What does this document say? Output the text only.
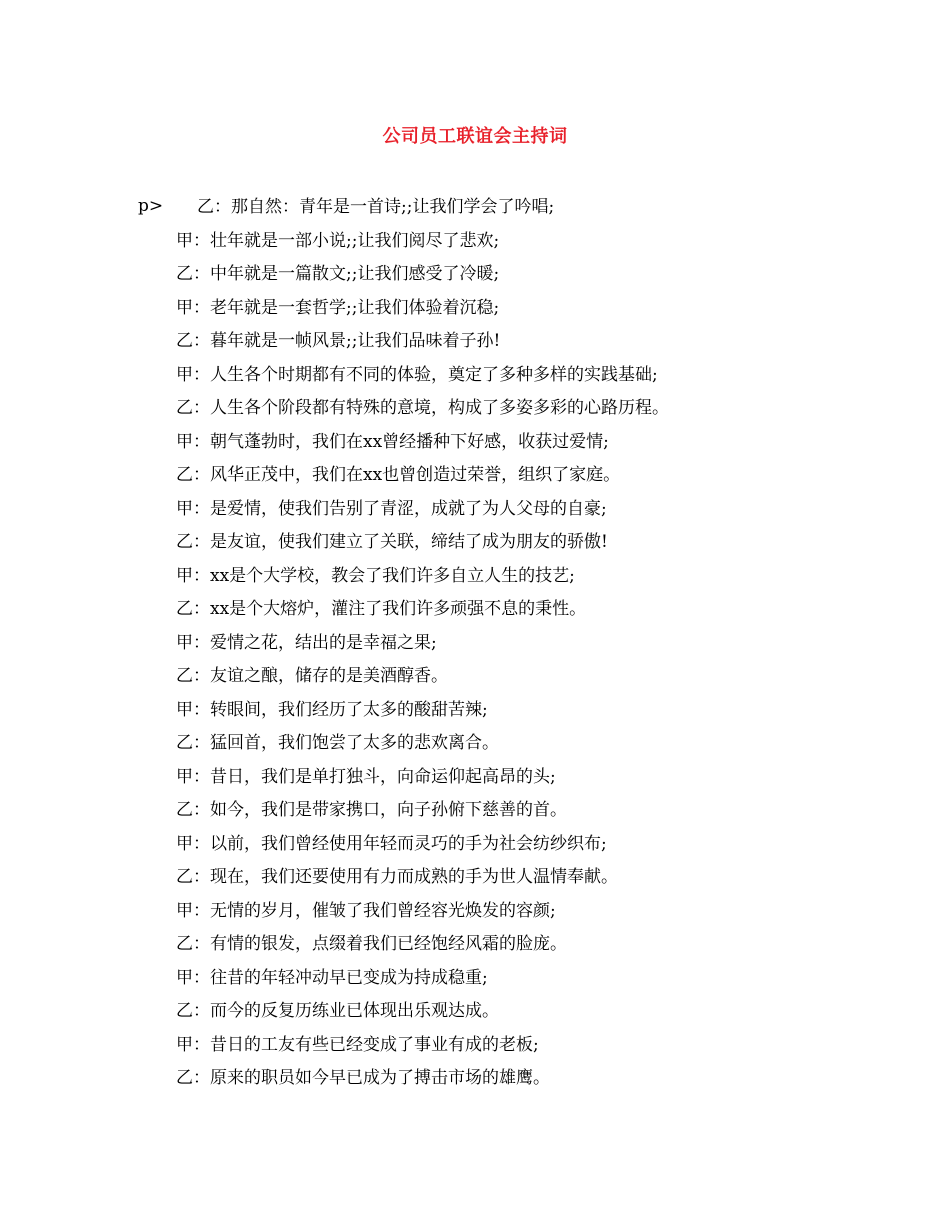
公司员工联谊会主持词
p>	乙：那自然：青年是一首诗;;让我们学会了吟唱;
甲：壮年就是一部小说;;让我们阅尽了悲欢;
乙：中年就是一篇散文;;让我们感受了冷暖;
甲：老年就是一套哲学;;让我们体验着沉稳;
乙：暮年就是一帧风景;;让我们品味着子孙!
甲：人生各个时期都有不同的体验，奠定了多种多样的实践基础;
乙：人生各个阶段都有特殊的意境，构成了多姿多彩的心路历程。
甲：朝气蓬勃时，我们在xx曾经播种下好感，收获过爱情;
乙：风华正茂中，我们在xx也曾创造过荣誉，组织了家庭。
甲：是爱情，使我们告别了青涩，成就了为人父母的自豪;
乙：是友谊，使我们建立了关联，缔结了成为朋友的骄傲!
甲：xx是个大学校，教会了我们许多自立人生的技艺;
乙：xx是个大熔炉，灌注了我们许多顽强不息的秉性。
甲：爱情之花，结出的是幸福之果;
乙：友谊之酿，储存的是美酒醇香。
甲：转眼间，我们经历了太多的酸甜苦辣;
乙：猛回首，我们饱尝了太多的悲欢离合。
甲：昔日，我们是单打独斗，向命运仰起高昂的头;
乙：如今，我们是带家携口，向子孙俯下慈善的首。
甲：以前，我们曾经使用年轻而灵巧的手为社会纺纱织布;
乙：现在，我们还要使用有力而成熟的手为世人温情奉献。
甲：无情的岁月，催皱了我们曾经容光焕发的容颜;
乙：有情的银发，点缀着我们已经饱经风霜的脸庞。
甲：往昔的年轻冲动早已变成为持成稳重;
乙：而今的反复历练业已体现出乐观达成。
甲：昔日的工友有些已经变成了事业有成的老板;
乙：原来的职员如今早已成为了搏击市场的雄鹰。
